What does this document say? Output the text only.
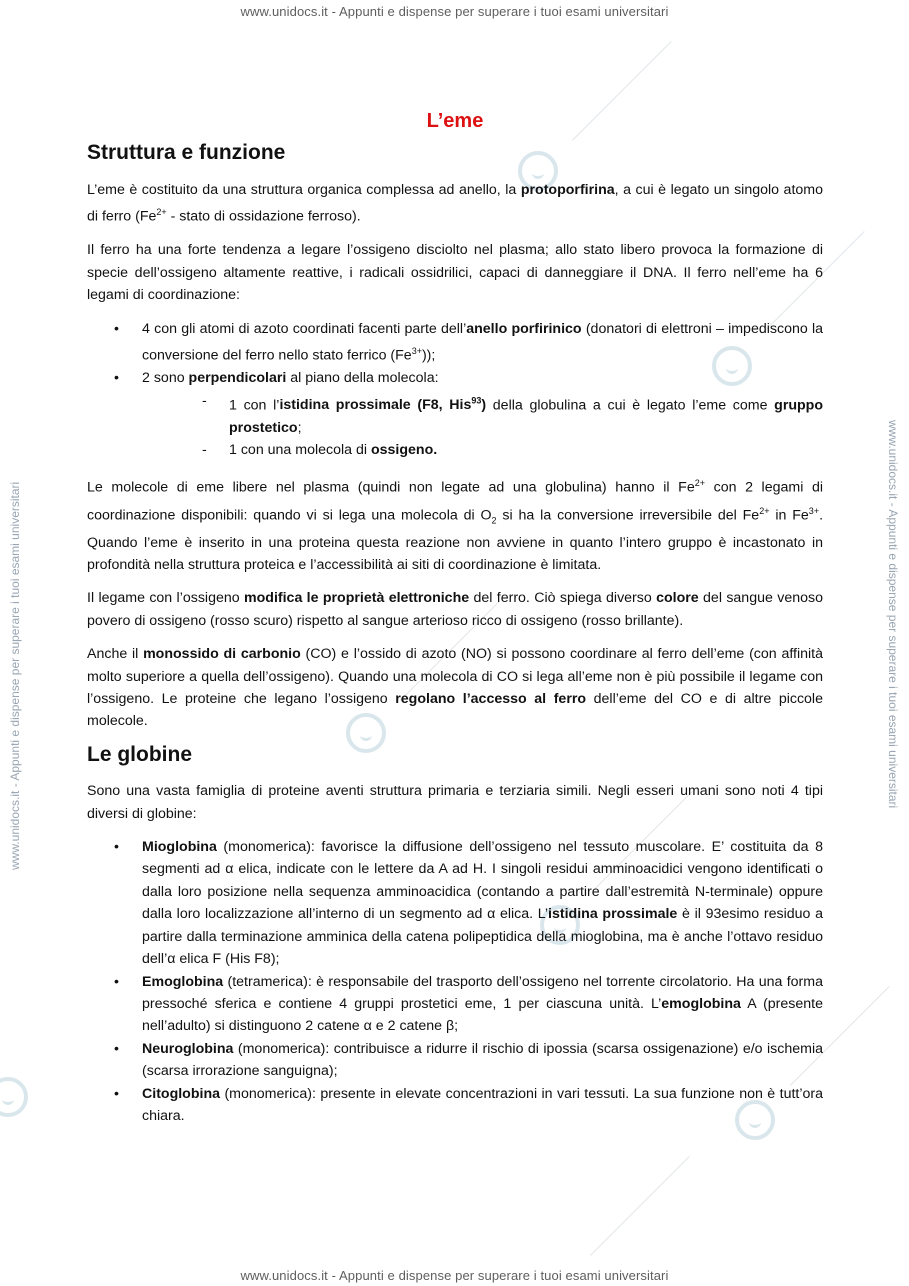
www.unidocs.it - Appunti e dispense per superare i tuoi esami universitari
www.unidocs.it - Appunti e dispense per superare i tuoi esami universitari
www.unidocs.it - Appunti e dispense per superare i tuoi esami universitari	www.unidocs.it - Appunti e dispense per superare i tuoi esami universitari
L’eme
Struttura e funzione

L’eme è costituito da una struttura organica complessa ad anello, la protoporfirina, a cui è legato un singolo atomo di ferro ($Fe^{2+}$ - stato di ossidazione ferroso).

Il ferro ha una forte tendenza a legare l’ossigeno disciolto nel plasma; allo stato libero provoca la formazione di specie dell’ossigeno altamente reattive, i radicali ossidrilici, capaci di danneggiare il DNA. Il ferro nell’eme ha 6 legami di coordinazione:

• 4 con gli atomi di azoto coordinati facenti parte dell’anello porfirinico (donatori di elettroni – impediscono la conversione del ferro nello stato ferrico $(Fe^{3+})$);
• 2 sono perpendicolari al piano della molecola:
- 1 con l’istidina prossimale (F8, His$^{93}$) della globulina a cui è legato l’eme come gruppo prostetico;
- 1 con una molecola di ossigeno.

Le molecole di eme libere nel plasma (quindi non legate ad una globulina) hanno il $Fe^{2+}$ con 2 legami di coordinazione disponibili: quando vi si lega una molecola di $O_2$ si ha la conversione irreversibile del $Fe^{2+}$ in $Fe^{3+}$. Quando l’eme è inserito in una proteina questa reazione non avviene in quanto l’intero gruppo è incastonato in profondità nella struttura proteica e l’accessibilità ai siti di coordinazione è limitata.

Il legame con l’ossigeno modifica le proprietà elettroniche del ferro. Ciò spiega diverso colore del sangue venoso povero di ossigeno (rosso scuro) rispetto al sangue arterioso ricco di ossigeno (rosso brillante).

Anche il monossido di carbonio (CO) e l’ossido di azoto (NO) si possono coordinare al ferro dell’eme (con affinità molto superiore a quella dell’ossigeno). Quando una molecola di CO si lega all’eme non è più possibile il legame con l’ossigeno. Le proteine che legano l’ossigeno regolano l’accesso al ferro dell’eme del CO e di altre piccole molecole.

Le globine

Sono una vasta famiglia di proteine aventi struttura primaria e terziaria simili. Negli esseri umani sono noti 4 tipi diversi di globine:

• Mioglobina (monomerica): favorisce la diffusione dell’ossigeno nel tessuto muscolare. E’ costituita da 8 segmenti ad α elica, indicate con le lettere da A ad H. I singoli residui amminoacidici vengono identificati o dalla loro posizione nella sequenza amminoacidica (contando a partire dall’estremità N-terminale) oppure dalla loro localizzazione all’interno di un segmento ad α elica. L’istidina prossimale è il 93esimo residuo a partire dalla terminazione amminica della catena polipeptidica della mioglobina, ma è anche l’ottavo residuo dell’α elica F (His F8);
• Emoglobina (tetramerica): è responsabile del trasporto dell’ossigeno nel torrente circolatorio. Ha una forma pressoché sferica e contiene 4 gruppi prostetici eme, 1 per ciascuna unità. L’emoglobina A (presente nell’adulto) si distinguono 2 catene α e 2 catene β;
• Neuroglobina (monomerica): contribuisce a ridurre il rischio di ipossia (scarsa ossigenazione) e/o ischemia (scarsa irrorazione sanguigna);
• Citoglobina (monomerica): presente in elevate concentrazioni in vari tessuti. La sua funzione non è tutt’ora chiara.
